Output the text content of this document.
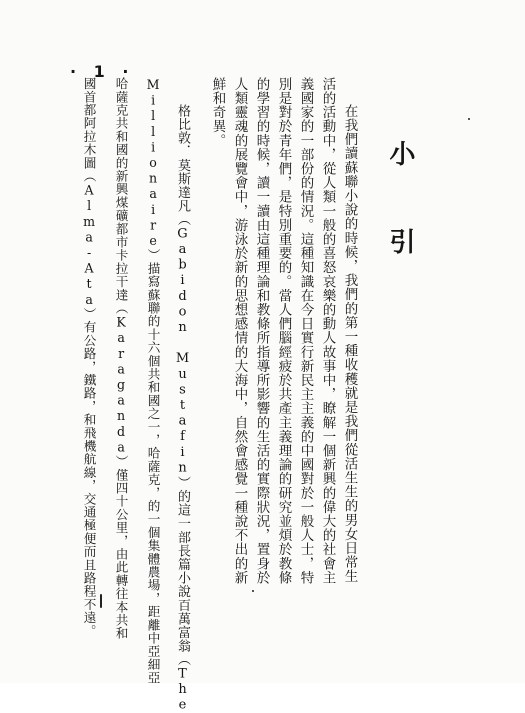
· 1 ·
小 引
在我們讀蘇聯小說的時候，我們的第一種收穫就是我們從活生生的男女日常生
活的活動中，從人類一般的喜怒哀樂的動人故事中，瞭解一個新興的偉大的社會主
義國家的一部份的情況。這種知識在今日實行新民主主義的中國對於一般人士，特
別是對於青年們，是特別重要的。當人們腦經疲於共產主義理論的研究並煩於教條
的學習的時候，讀一讀由這種理論和教條所指導所影響的生活的實際狀況，置身於
人類靈魂的展覽會中，游泳於新的思想感情的大海中，自然會感覺一種說不出的新
鮮和奇異。
格比敦．莫斯達凡（Gabidon Mustafin）的這一部長篇小說百萬富翁（The
Millionaire）描寫蘇聯的十六個共和國之一，哈薩克，的一個集體農場，距離中亞細亞
哈薩克共和國的新興煤礦都市卡拉干達（Karaganda）僅四十公里，由此轉往本共和
國首都阿拉木圖（Alma-Ata）有公路，鐵路，和飛機航線，交通極便而且路程不遠。
